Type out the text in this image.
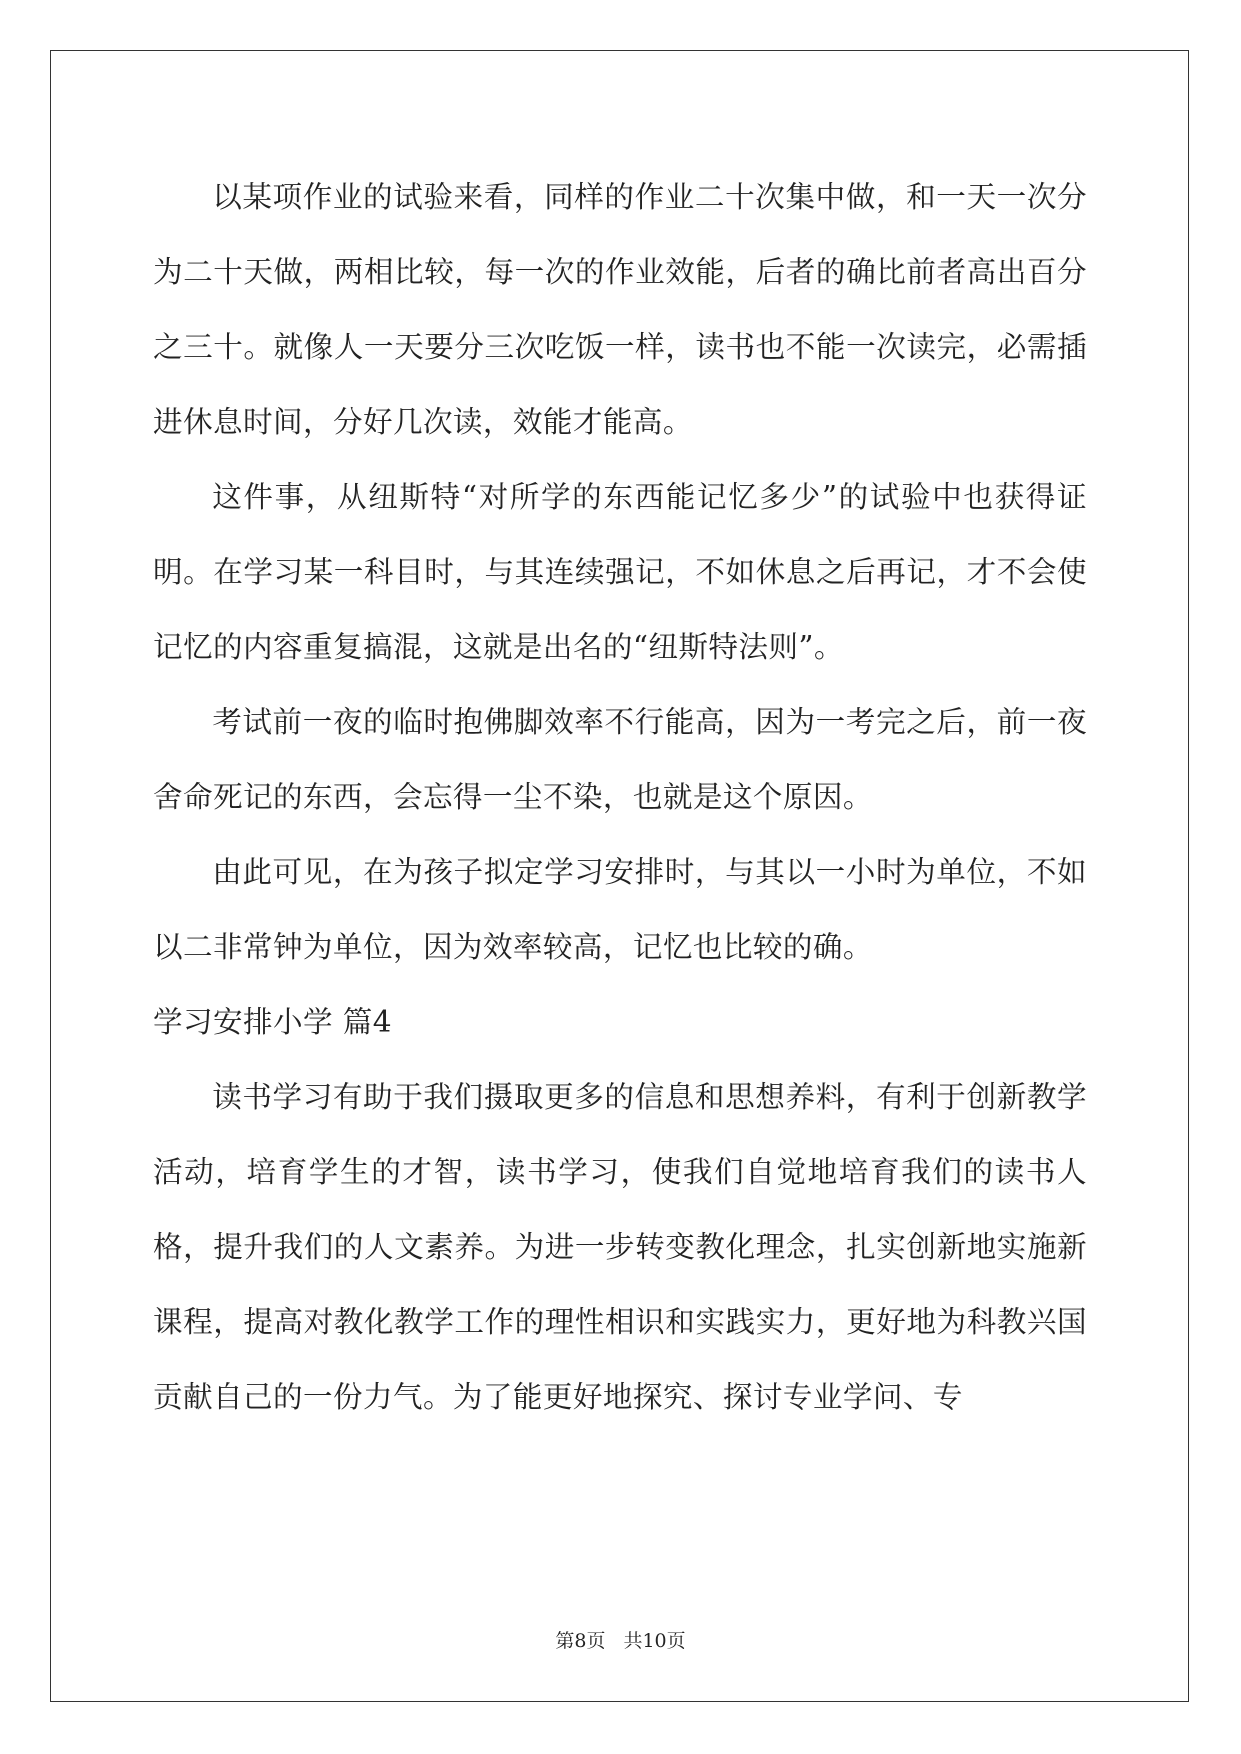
以某项作业的试验来看，同样的作业二十次集中做，和一天一次分为二十天做，两相比较，每一次的作业效能，后者的确比前者高出百分之三十。就像人一天要分三次吃饭一样，读书也不能一次读完，必需插进休息时间，分好几次读，效能才能高。

这件事，从纽斯特“对所学的东西能记忆多少”的试验中也获得证明。在学习某一科目时，与其连续强记，不如休息之后再记，才不会使记忆的内容重复搞混，这就是出名的“纽斯特法则”。

考试前一夜的临时抱佛脚效率不行能高，因为一考完之后，前一夜舍命死记的东西，会忘得一尘不染，也就是这个原因。

由此可见，在为孩子拟定学习安排时，与其以一小时为单位，不如以二非常钟为单位，因为效率较高，记忆也比较的确。

学习安排小学 篇4

读书学习有助于我们摄取更多的信息和思想养料，有利于创新教学活动，培育学生的才智，读书学习，使我们自觉地培育我们的读书人格，提升我们的人文素养。为进一步转变教化理念，扎实创新地实施新课程，提高对教化教学工作的理性相识和实践实力，更好地为科教兴国贡献自己的一份力气。为了能更好地探究、探讨专业学问、专

第8页 共10页
